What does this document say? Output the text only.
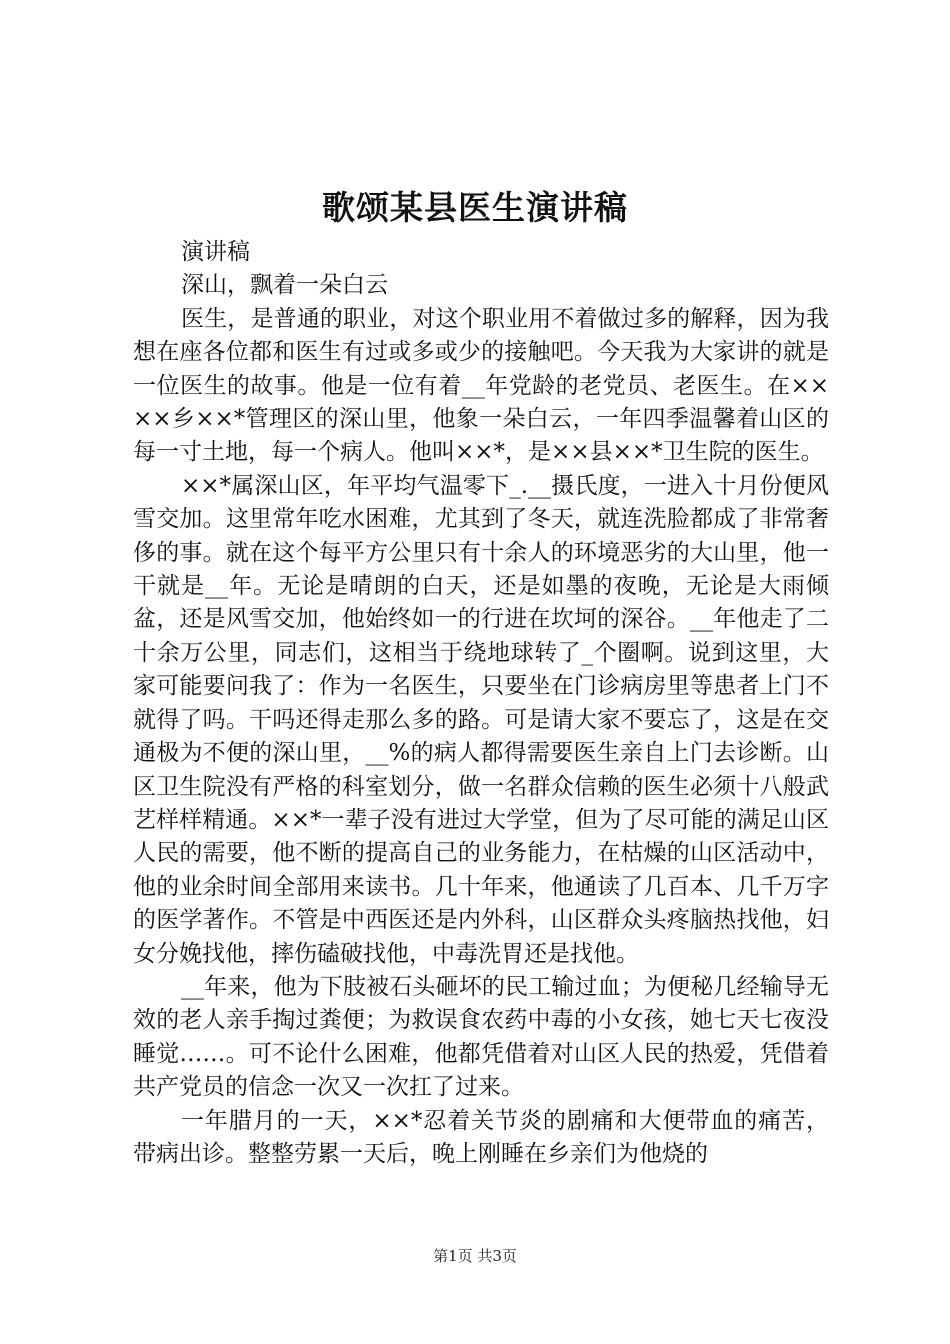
歌颂某县医生演讲稿

演讲稿

深山，飘着一朵白云

医生，是普通的职业，对这个职业用不着做过多的解释，因为我想在座各位都和医生有过或多或少的接触吧。今天我为大家讲的就是一位医生的故事。他是一位有着__年党龄的老党员、老医生。在××××乡××*管理区的深山里，他象一朵白云，一年四季温馨着山区的每一寸土地，每一个病人。他叫××*，是××县××*卫生院的医生。

××*属深山区，年平均气温零下_.__摄氏度，一进入十月份便风雪交加。这里常年吃水困难，尤其到了冬天，就连洗脸都成了非常奢侈的事。就在这个每平方公里只有十余人的环境恶劣的大山里，他一干就是__年。无论是晴朗的白天，还是如墨的夜晚，无论是大雨倾盆，还是风雪交加，他始终如一的行进在坎坷的深谷。__年他走了二十余万公里，同志们，这相当于绕地球转了_个圈啊。说到这里，大家可能要问我了：作为一名医生，只要坐在门诊病房里等患者上门不就得了吗。干吗还得走那么多的路。可是请大家不要忘了，这是在交通极为不便的深山里，__%的病人都得需要医生亲自上门去诊断。山区卫生院没有严格的科室划分，做一名群众信赖的医生必须十八般武艺样样精通。××*一辈子没有进过大学堂，但为了尽可能的满足山区人民的需要，他不断的提高自己的业务能力，在枯燥的山区活动中，他的业余时间全部用来读书。几十年来，他通读了几百本、几千万字的医学著作。不管是中西医还是内外科，山区群众头疼脑热找他，妇女分娩找他，摔伤磕破找他，中毒洗胃还是找他。

__年来，他为下肢被石头砸坏的民工输过血；为便秘几经输导无效的老人亲手掏过粪便；为救误食农药中毒的小女孩，她七天七夜没睡觉……。可不论什么困难，他都凭借着对山区人民的热爱，凭借着共产党员的信念一次又一次扛了过来。

一年腊月的一天，××*忍着关节炎的剧痛和大便带血的痛苦，带病出诊。整整劳累一天后，晚上刚睡在乡亲们为他烧的

第1页 共3页
